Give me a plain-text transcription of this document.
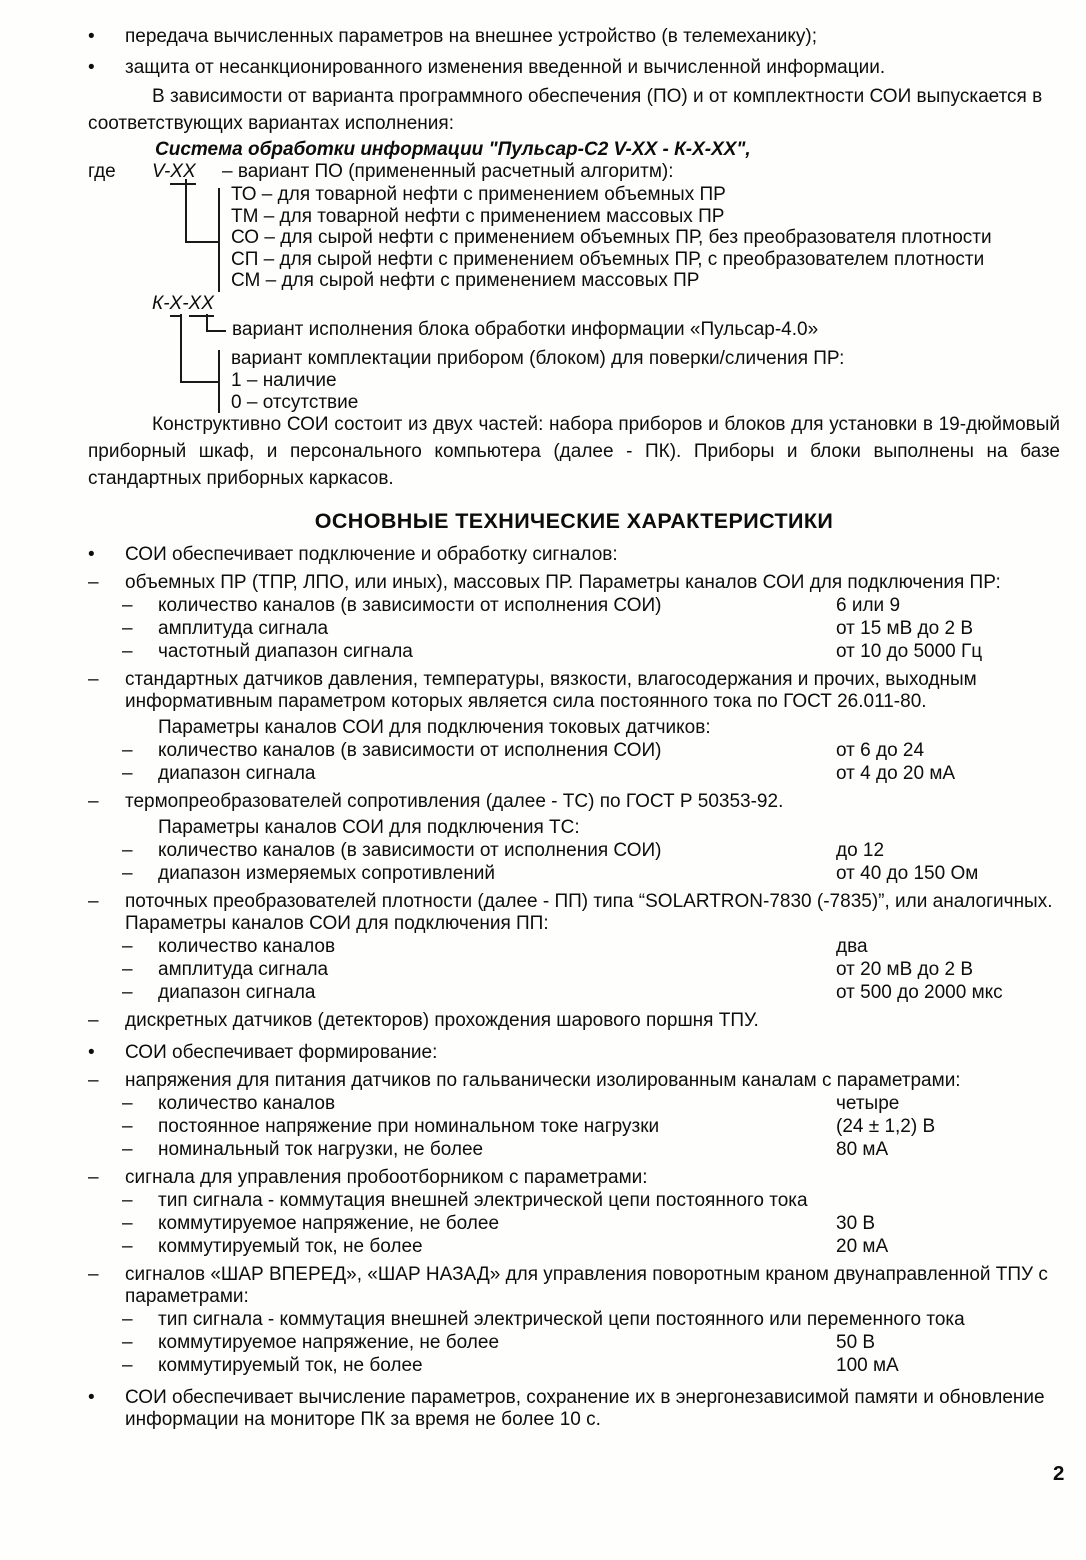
• передача вычисленных параметров на внешнее устройство (в телемеханику);
• защита от несанкционированного изменения введенной и вычисленной информации.

В зависимости от варианта программного обеспечения (ПО) и от комплектности СОИ выпускается в соответствующих вариантах исполнения:

Система обработки информации "Пульсар-С2 V-XX - К-Х-ХХ",

где V-XX – вариант ПО (примененный расчетный алгоритм):
ТО – для товарной нефти с применением объемных ПР
ТМ – для товарной нефти с применением массовых ПР
СО – для сырой нефти с применением объемных ПР, без преобразователя плотности
СП – для сырой нефти с применением объемных ПР, с преобразователем плотности
СМ – для сырой нефти с применением массовых ПР
К-Х-ХХ
вариант исполнения блока обработки информации «Пульсар-4.0»
вариант комплектации прибором (блоком) для поверки/сличения ПР:
1 – наличие
0 – отсутствие

Конструктивно СОИ состоит из двух частей: набора приборов и блоков для установки в 19-дюймовый приборный шкаф, и персонального компьютера (далее - ПК). Приборы и блоки выполнены на базе стандартных приборных каркасов.

ОСНОВНЫЕ ТЕХНИЧЕСКИЕ ХАРАКТЕРИСТИКИ
• СОИ обеспечивает подключение и обработку сигналов:
– объемных ПР (ТПР, ЛПО, или иных), массовых ПР. Параметры каналов СОИ для подключения ПР:
– количество каналов (в зависимости от исполнения СОИ)	6 или 9
– амплитуда сигнала	от 15 мВ до 2 В
– частотный диапазон сигнала	от 10 до 5000 Гц
– стандартных датчиков давления, температуры, вязкости, влагосодержания и прочих, выходным информативным параметром которых является сила постоянного тока по ГОСТ 26.011-80.
Параметры каналов СОИ для подключения токовых датчиков:
– количество каналов (в зависимости от исполнения СОИ)	от 6 до 24
– диапазон сигнала	от 4 до 20 мА
– термопреобразователей сопротивления (далее - ТС) по ГОСТ Р 50353-92.
Параметры каналов СОИ для подключения ТС:
– количество каналов (в зависимости от исполнения СОИ)	до 12
– диапазон измеряемых сопротивлений	от 40 до 150 Ом
– поточных преобразователей плотности (далее - ПП) типа “SOLARTRON-7830 (-7835)”, или аналогичных. Параметры каналов СОИ для подключения ПП:
– количество каналов	два
– амплитуда сигнала	от 20 мВ до 2 В
– диапазон сигнала	от 500 до 2000 мкс
– дискретных датчиков (детекторов) прохождения шарового поршня ТПУ.
• СОИ обеспечивает формирование:
– напряжения для питания датчиков по гальванически изолированным каналам с параметрами:
– количество каналов	четыре
– постоянное напряжение при номинальном токе нагрузки	(24 ± 1,2) В
– номинальный ток нагрузки, не более	80 мА
– сигнала для управления пробоотборником с параметрами:
– тип сигнала - коммутация внешней электрической цепи постоянного тока
– коммутируемое напряжение, не более	30 В
– коммутируемый ток, не более	20 мА
– сигналов «ШАР ВПЕРЕД», «ШАР НАЗАД» для управления поворотным краном двунаправленной ТПУ с параметрами:
– тип сигнала - коммутация внешней электрической цепи постоянного или переменного тока
– коммутируемое напряжение, не более	50 В
– коммутируемый ток, не более	100 мА
• СОИ обеспечивает вычисление параметров, сохранение их в энергонезависимой памяти и обновление информации на мониторе ПК за время не более 10 с.
2
